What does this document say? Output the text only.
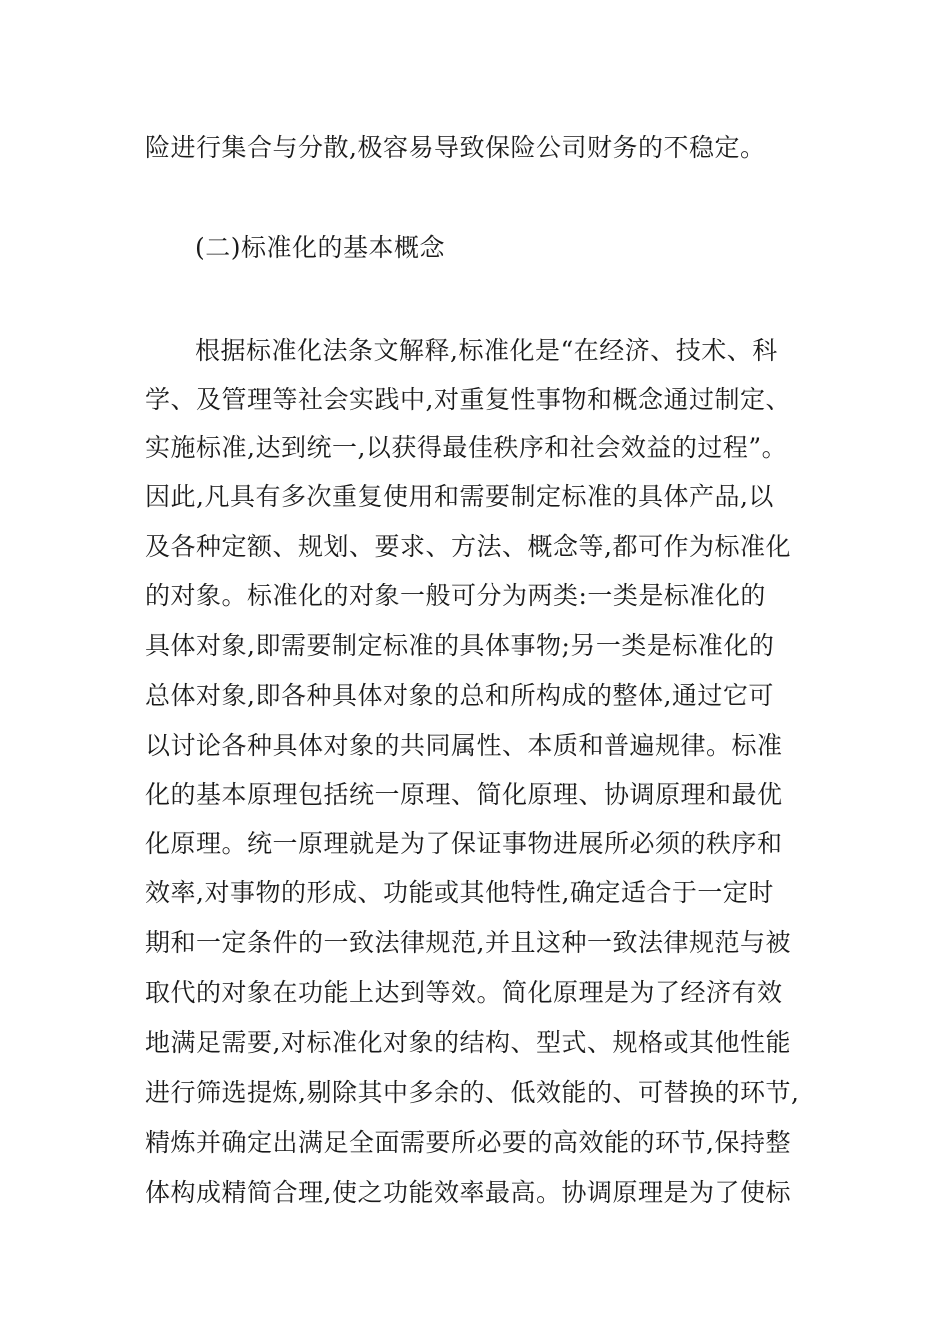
险进行集合与分散,极容易导致保险公司财务的不稳定。
(二)标准化的基本概念
根据标准化法条文解释,标准化是“在经济、技术、科
学、及管理等社会实践中,对重复性事物和概念通过制定、
实施标准,达到统一,以获得最佳秩序和社会效益的过程”。
因此,凡具有多次重复使用和需要制定标准的具体产品,以
及各种定额、规划、要求、方法、概念等,都可作为标准化
的对象。标准化的对象一般可分为两类:一类是标准化的
具体对象,即需要制定标准的具体事物;另一类是标准化的
总体对象,即各种具体对象的总和所构成的整体,通过它可
以讨论各种具体对象的共同属性、本质和普遍规律。标准
化的基本原理包括统一原理、简化原理、协调原理和最优
化原理。统一原理就是为了保证事物进展所必须的秩序和
效率,对事物的形成、功能或其他特性,确定适合于一定时
期和一定条件的一致法律规范,并且这种一致法律规范与被
取代的对象在功能上达到等效。简化原理是为了经济有效
地满足需要,对标准化对象的结构、型式、规格或其他性能
进行筛选提炼,剔除其中多余的、低效能的、可替换的环节,
精炼并确定出满足全面需要所必要的高效能的环节,保持整
体构成精简合理,使之功能效率最高。协调原理是为了使标
